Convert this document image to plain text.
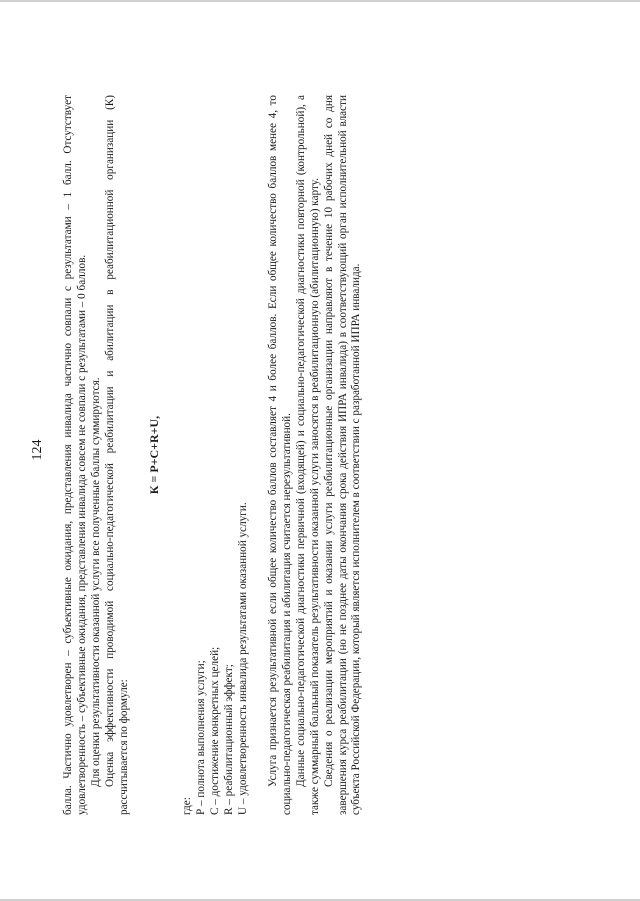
124 балла. Частично удовлетворен – субъективные ожидания, представления инвалида частично совпали с результатами – 1 балл. Отсутствует удовлетворенность – субъективные ожидания, представления инвалида совсем не совпали с результатами – 0 баллов. Для оценки результативности оказанной услуги все полученные баллы суммируются. Оценка эффективности проводимой социально-педагогической реабилитации и абилитации в реабилитационной организации (К) рассчитывается по формуле:

К = Р+С+R+U,

где: Р – полнота выполнения услуги; С – достижение конкретных целей; R – реабилитационный эффект; U – удовлетворенность инвалида результатами оказанной услуги. Услуга признается результативной если общее количество баллов составляет 4 и более баллов. Если общее количество баллов менее 4, то социально-педагогическая реабилитация и абилитация считается нерезультативной. Данные социально-педагогической диагностики первичной (входящей) и социально-педагогической диагностики повторной (контрольной), а также суммарный балльный показатель результативности оказанной услуги заносятся в реабилитационную (абилитационную) карту. Сведения о реализации мероприятий и оказании услуги реабилитационные организации направляют в течение 10 рабочих дней со дня завершения курса реабилитации (но не позднее даты окончания срока действия ИПРА инвалида) в соответствующий орган исполнительной власти субъекта Российской Федерации, который является исполнителем в соответствии с разработанной ИПРА инвалида.
